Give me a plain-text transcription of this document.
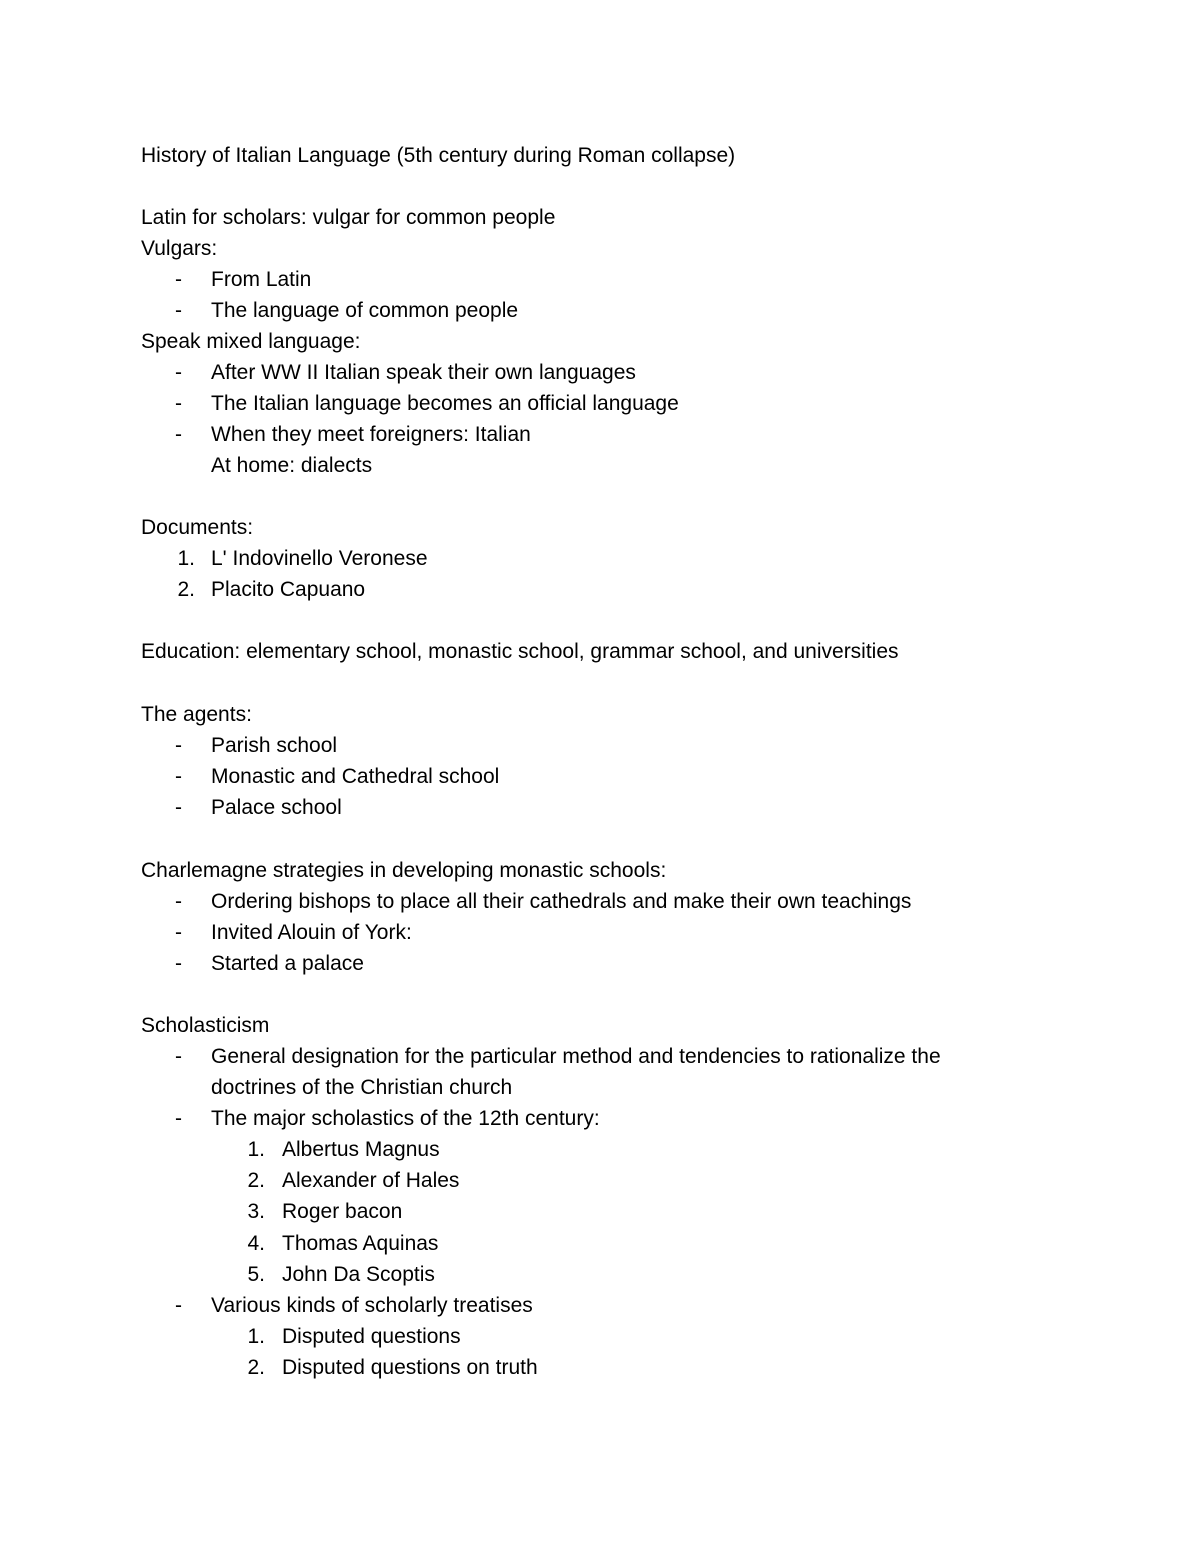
History of Italian Language (5th century during Roman collapse)
Latin for scholars: vulgar for common people
Vulgars:
- From Latin
- The language of common people
Speak mixed language:
- After WW II Italian speak their own languages
- The Italian language becomes an official language
- When they meet foreigners: Italian
At home: dialects
Documents:
1. L' Indovinello Veronese
2. Placito Capuano
Education: elementary school, monastic school, grammar school, and universities
The agents:
- Parish school
- Monastic and Cathedral school
- Palace school
Charlemagne strategies in developing monastic schools:
- Ordering bishops to place all their cathedrals and make their own teachings
- Invited Alouin of York:
- Started a palace
Scholasticism
- General designation for the particular method and tendencies to rationalize the
doctrines of the Christian church
- The major scholastics of the 12th century:
1. Albertus Magnus
2. Alexander of Hales
3. Roger bacon
4. Thomas Aquinas
5. John Da Scoptis
- Various kinds of scholarly treatises
1. Disputed questions
2. Disputed questions on truth
